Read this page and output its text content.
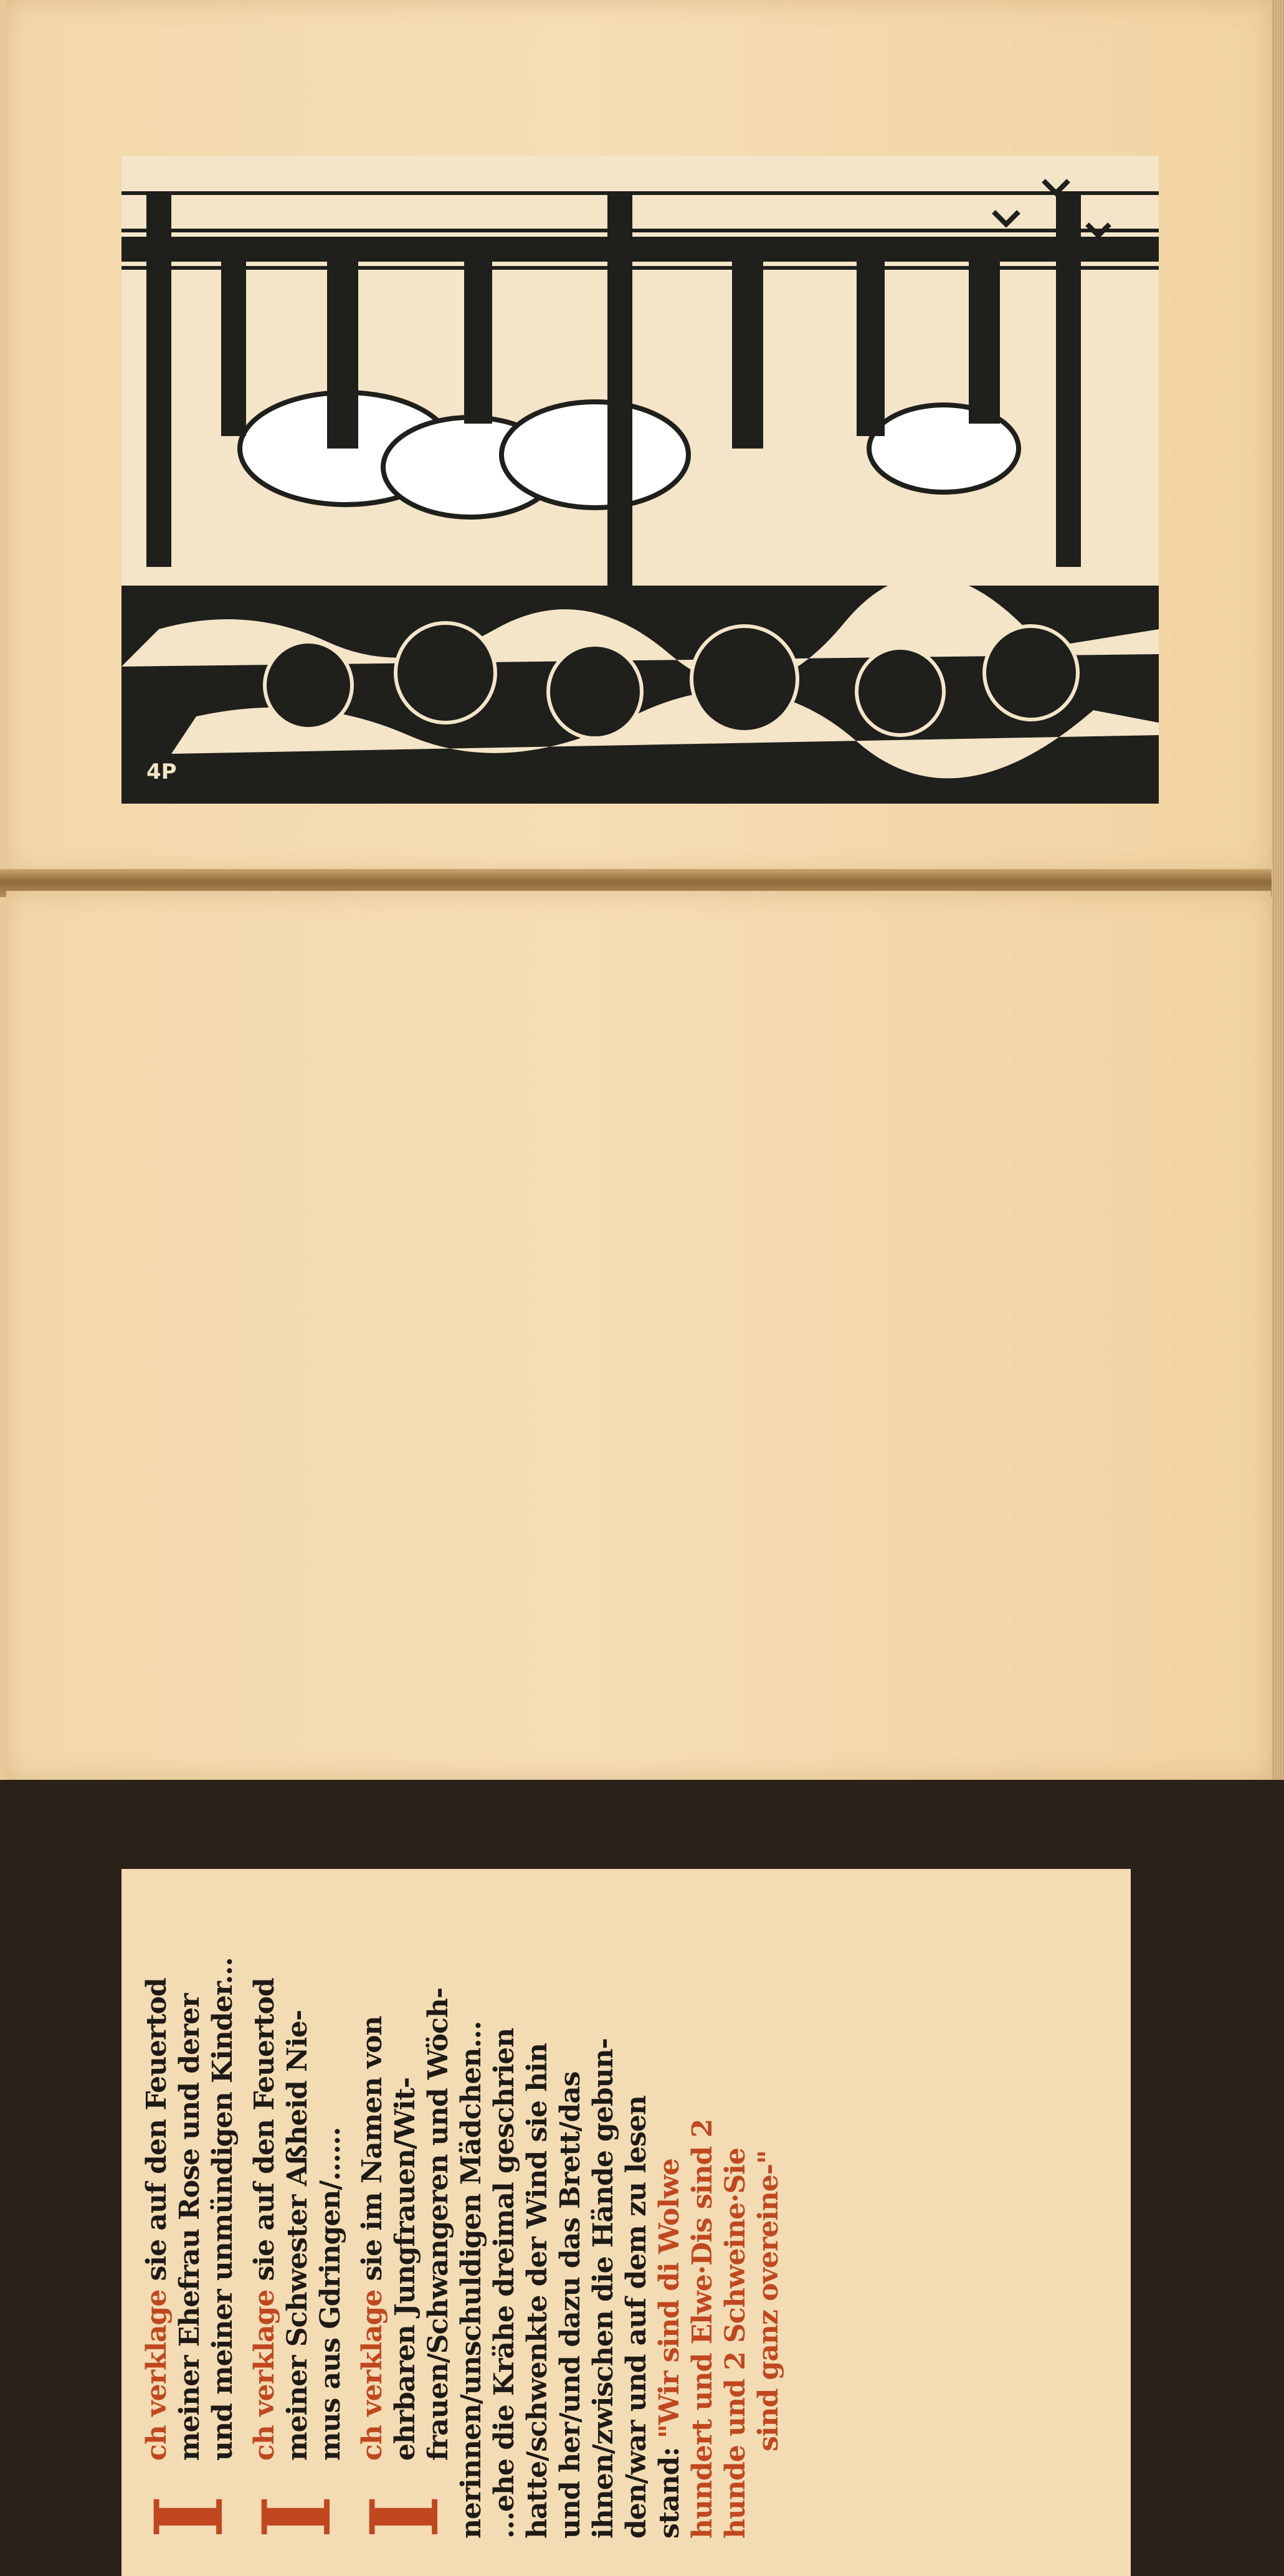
4P
I
ch verklage sie auf den Feuertod meiner Ehefrau Rose und derer und meiner unmündigen Kinder...
I
ch verklage sie auf den Feuertod meiner Schwester Aßheid Nie- mus aus Gdringen/......
I
ch verklage sie im Namen von ehrbaren Jungfrauen/Wit- frauen/Schwangeren und Wöch- nerinnen/unschuldigen Mädchen... ...ehe die Krähe dreimal geschrien hatte/schwenkte der Wind sie hin und her/und dazu das Brett/das ihnen/zwischen die Hände gebun- den/war und auf dem zu lesen stand: "Wir sind di Wolwe hundert und Elwe·Dis sind 2 hunde und 2 Schweine·Sie sind ganz overeine-"
